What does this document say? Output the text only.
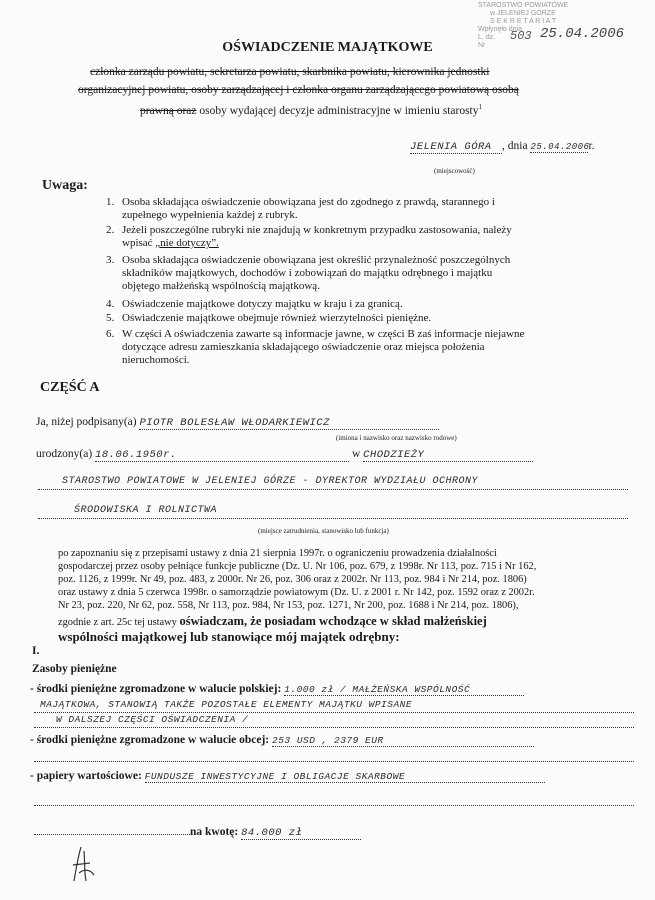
STAROSTWO POWIATOWE
w JELENIEJ GÓRZE
S E K R E T A R I A T
Wpłynęło dnia
L. dz.
Nr
503 25.04.2006
OŚWIADCZENIE MAJĄTKOWE
członka zarządu powiatu, sekretarza powiatu, skarbnika powiatu, kierownika jednostki
organizacyjnej powiatu, osoby zarządzającej i członka organu zarządzającego powiatową osobą
prawną oraz osoby wydającej decyzje administracyjne w imieniu starosty$^1$
JELENIA GÓRA , dnia 25.04.2006r.
(miejscowość)
Uwaga:
1. Osoba składająca oświadczenie obowiązana jest do zgodnego z prawdą, starannego i
zupełnego wypełnienia każdej z rubryk.
2. Jeżeli poszczególne rubryki nie znajdują w konkretnym przypadku zastosowania, należy
wpisać „nie dotyczy”.
3. Osoba składająca oświadczenie obowiązana jest określić przynależność poszczególnych
składników majątkowych, dochodów i zobowiązań do majątku odrębnego i majątku
objętego małżeńską wspólnością majątkową.
4. Oświadczenie majątkowe dotyczy majątku w kraju i za granicą.
5. Oświadczenie majątkowe obejmuje również wierzytelności pieniężne.
6. W części A oświadczenia zawarte są informacje jawne, w części B zaś informacje niejawne
dotyczące adresu zamieszkania składającego oświadczenie oraz miejsca położenia
nieruchomości.
CZĘŚĆ A
Ja, niżej podpisany(a) PIOTR BOLESŁAW WŁODARKIEWICZ
(imiona i nazwisko oraz nazwisko rodowe)
urodzony(a) 18.06.1950r.	w CHODZIEŻY
STAROSTWO POWIATOWE W JELENIEJ GÓRZE - DYREKTOR WYDZIAŁU OCHRONY
ŚRODOWISKA I ROLNICTWA
(miejsce zatrudnienia, stanowisko lub funkcja)
po zapoznaniu się z przepisami ustawy z dnia 21 sierpnia 1997r. o ograniczeniu prowadzenia działalności
gospodarczej przez osoby pełniące funkcje publiczne (Dz. U. Nr 106, poz. 679, z 1998r. Nr 113, poz. 715 i Nr 162,
poz. 1126, z 1999r. Nr 49, poz. 483, z 2000r. Nr 26, poz. 306 oraz z 2002r. Nr 113, poz. 984 i Nr 214, poz. 1806)
oraz ustawy z dnia 5 czerwca 1998r. o samorządzie powiatowym (Dz. U. z 2001 r. Nr 142, poz. 1592 oraz z 2002r.
Nr 23, poz. 220, Nr 62, poz. 558, Nr 113, poz. 984, Nr 153, poz. 1271, Nr 200, poz. 1688 i Nr 214, poz. 1806),
zgodnie z art. 25c tej ustawy oświadczam, że posiadam wchodzące w skład małżeńskiej
wspólności majątkowej lub stanowiące mój majątek odrębny:
I.
Zasoby pieniężne
- środki pieniężne zgromadzone w walucie polskiej: 1.000 zł / MAŁŻEŃSKA WSPÓLNOŚĆ
MAJĄTKOWA, STANOWIĄ TAKŻE POZOSTAŁE ELEMENTY MAJĄTKU WPISANE
W DALSZEJ CZĘŚCI OŚWIADCZENIA /
- środki pieniężne zgromadzone w walucie obcej: 253 USD , 2379 EUR
- papiery wartościowe: FUNDUSZE INWESTYCYJNE I OBLIGACJE SKARBOWE
na kwotę: 84.000 zł
